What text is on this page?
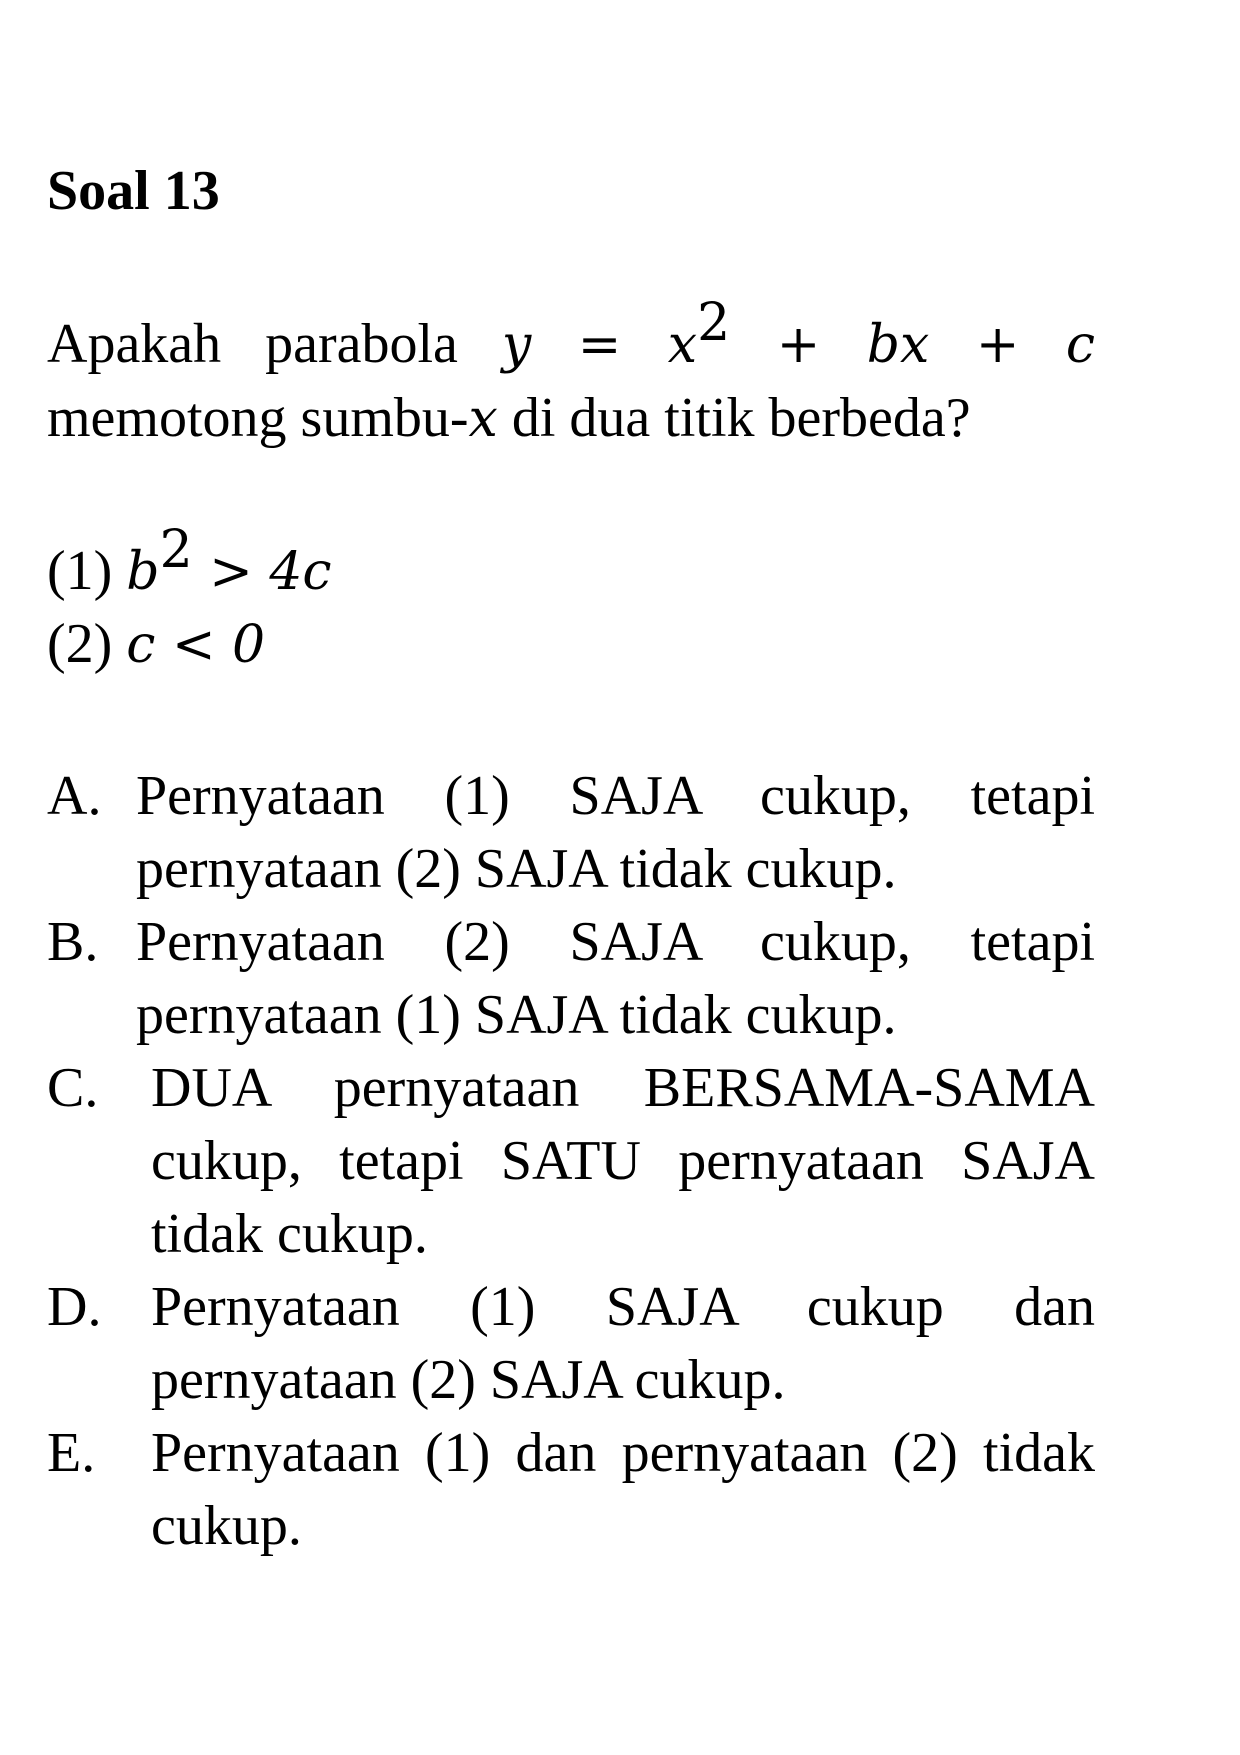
Soal 13

Apakah parabola $y = x^2$ + bx + c memotong sumbu-x di dua titik berbeda?

(1) $b^2 > 4c$
(2) c < 0
A. Pernyataan (1) SAJA cukup, tetapi pernyataan (2) SAJA tidak cukup.
B. Pernyataan (2) SAJA cukup, tetapi pernyataan (1) SAJA tidak cukup.
C. DUA pernyataan BERSAMA-SAMA cukup, tetapi SATU pernyataan SAJA tidak cukup.
D. Pernyataan (1) SAJA cukup dan pernyataan (2) SAJA cukup.
E. Pernyataan (1) dan pernyataan (2) tidak cukup.
